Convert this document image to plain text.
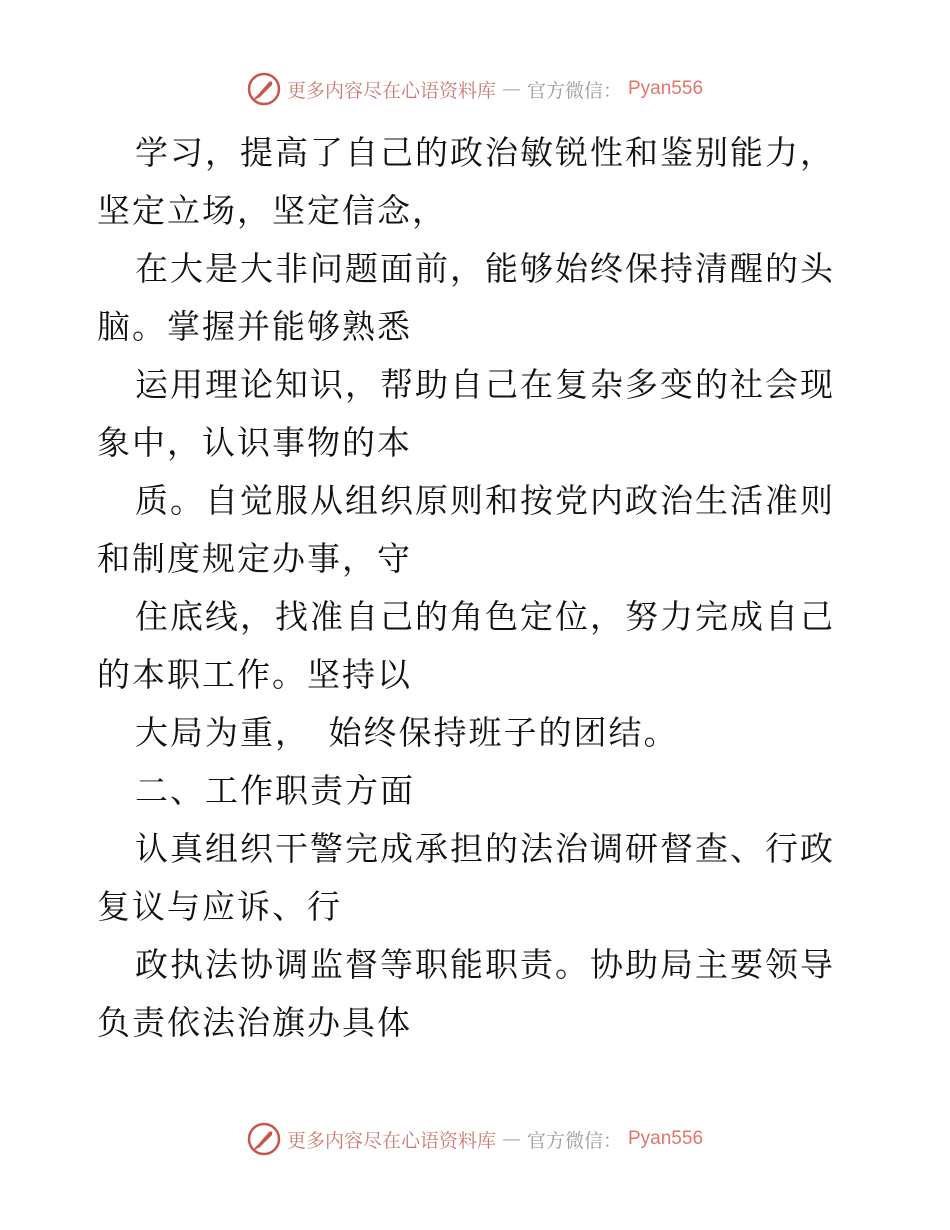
更多内容尽在心语资料库 — 官方微信： Pyan556

学习，提高了自己的政治敏锐性和鉴别能力，坚定立场，坚定信念，

在大是大非问题面前，能够始终保持清醒的头脑。掌握并能够熟悉

运用理论知识，帮助自己在复杂多变的社会现象中，认识事物的本

质。自觉服从组织原则和按党内政治生活准则和制度规定办事，守

住底线，找准自己的角色定位，努力完成自己的本职工作。坚持以

大局为重，　始终保持班子的团结。

二、工作职责方面

认真组织干警完成承担的法治调研督查、行政复议与应诉、行

政执法协调监督等职能职责。协助局主要领导负责依法治旗办具体

更多内容尽在心语资料库 — 官方微信： Pyan556
